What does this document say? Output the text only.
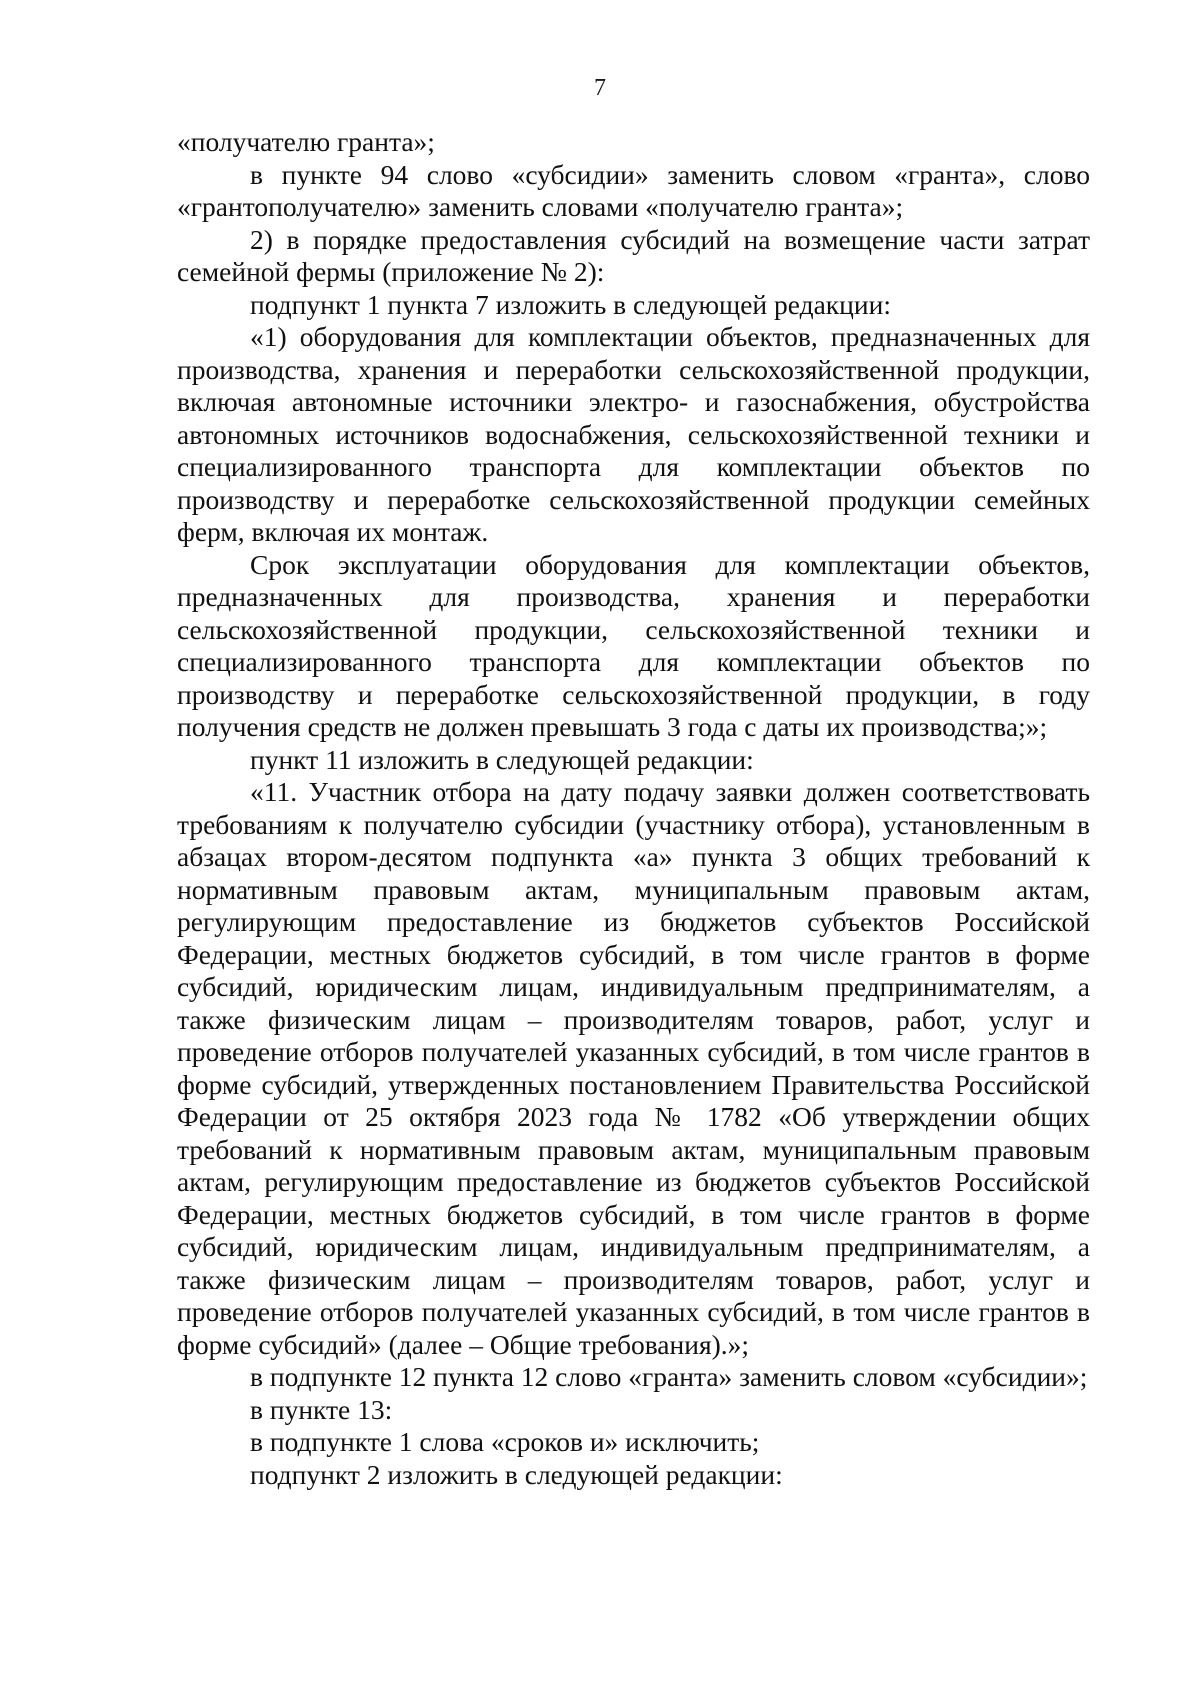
7

«получателю гранта»;

в пункте 94 слово «субсидии» заменить словом «гранта», слово «грантополучателю» заменить словами «получателю гранта»;

2) в порядке предоставления субсидий на возмещение части затрат семейной фермы (приложение № 2):

подпункт 1 пункта 7 изложить в следующей редакции:

«1) оборудования для комплектации объектов, предназначенных для производства, хранения и переработки сельскохозяйственной продукции, включая автономные источники электро- и газоснабжения, обустройства автономных источников водоснабжения, сельскохозяйственной техники и специализированного транспорта для комплектации объектов по производству и переработке сельскохозяйственной продукции семейных ферм, включая их монтаж.

Срок эксплуатации оборудования для комплектации объектов, предназначенных для производства, хранения и переработки сельскохозяйственной продукции, сельскохозяйственной техники и специализированного транспорта для комплектации объектов по производству и переработке сельскохозяйственной продукции, в году получения средств не должен превышать 3 года с даты их производства;»;

пункт 11 изложить в следующей редакции:

«11. Участник отбора на дату подачу заявки должен соответствовать требованиям к получателю субсидии (участнику отбора), установленным в абзацах втором-десятом подпункта «а» пункта 3 общих требований к нормативным правовым актам, муниципальным правовым актам, регулирующим предоставление из бюджетов субъектов Российской Федерации, местных бюджетов субсидий, в том числе грантов в форме субсидий, юридическим лицам, индивидуальным предпринимателям, а также физическим лицам – производителям товаров, работ, услуг и проведение отборов получателей указанных субсидий, в том числе грантов в форме субсидий, утвержденных постановлением Правительства Российской Федерации от 25 октября 2023 года № 1782 «Об утверждении общих требований к нормативным правовым актам, муниципальным правовым актам, регулирующим предоставление из бюджетов субъектов Российской Федерации, местных бюджетов субсидий, в том числе грантов в форме субсидий, юридическим лицам, индивидуальным предпринимателям, а также физическим лицам – производителям товаров, работ, услуг и проведение отборов получателей указанных субсидий, в том числе грантов в форме субсидий» (далее – Общие требования).»;

в подпункте 12 пункта 12 слово «гранта» заменить словом «субсидии»;

в пункте 13:

в подпункте 1 слова «сроков и» исключить;

подпункт 2 изложить в следующей редакции:
